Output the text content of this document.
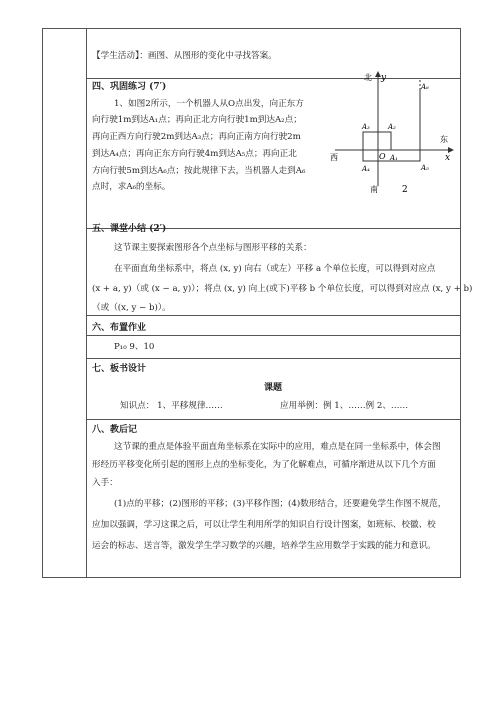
【学生活动】：画图、从图形的变化中寻找答案。
四、巩固练习 (7′)
1、如图2所示，一个机器人从O点出发，向正东方
向行驶1m到达A₁点；再向正北方向行驶1m到达A₂点；
再向正西方向行驶2m到达A₃点；再向正南方向行驶2m
到达A₄点；再向正东方向行驶4m到达A₅点；再向正北
方向行驶5m到达A₆点；按此规律下去，当机器人走到A₆
点时，求A₆的坐标。
北 y
东
x
西
南	2
O A₁
A₂
A₃
A₄	A₅
A₆
五、课堂小结 (2′)
这节课主要探索图形各个点坐标与图形平移的关系：
在平面直角坐标系中，将点 (x, y) 向右（或左）平移 a 个单位长度，可以得到对应点
(x + a, y)（或 (x − a, y)）；将点 (x, y) 向上(或下)平移 b 个单位长度，可以得到对应点 (x, y + b)
（或（(x, y − b)）。
六、布置作业
P₁₀ 9、10
七、板书设计
课题
知识点： 1、平移规律……	应用举例：例 1、……例 2、……
八、教后记
这节课的重点是体验平面直角坐标系在实际中的应用，难点是在同一坐标系中，体会图
形经历平移变化所引起的图形上点的坐标变化，为了化解难点，可循序渐进从以下几个方面
入手：
(1)点的平移；(2)图形的平移；(3)平移作图；(4)数形结合，还要避免学生作图不规范，
应加以强调，学习这课之后，可以让学生利用所学的知识自行设计图案，如班标、校徽、校
运会的标志、送言等，激发学生学习数学的兴趣，培养学生应用数学于实践的能力和意识。
